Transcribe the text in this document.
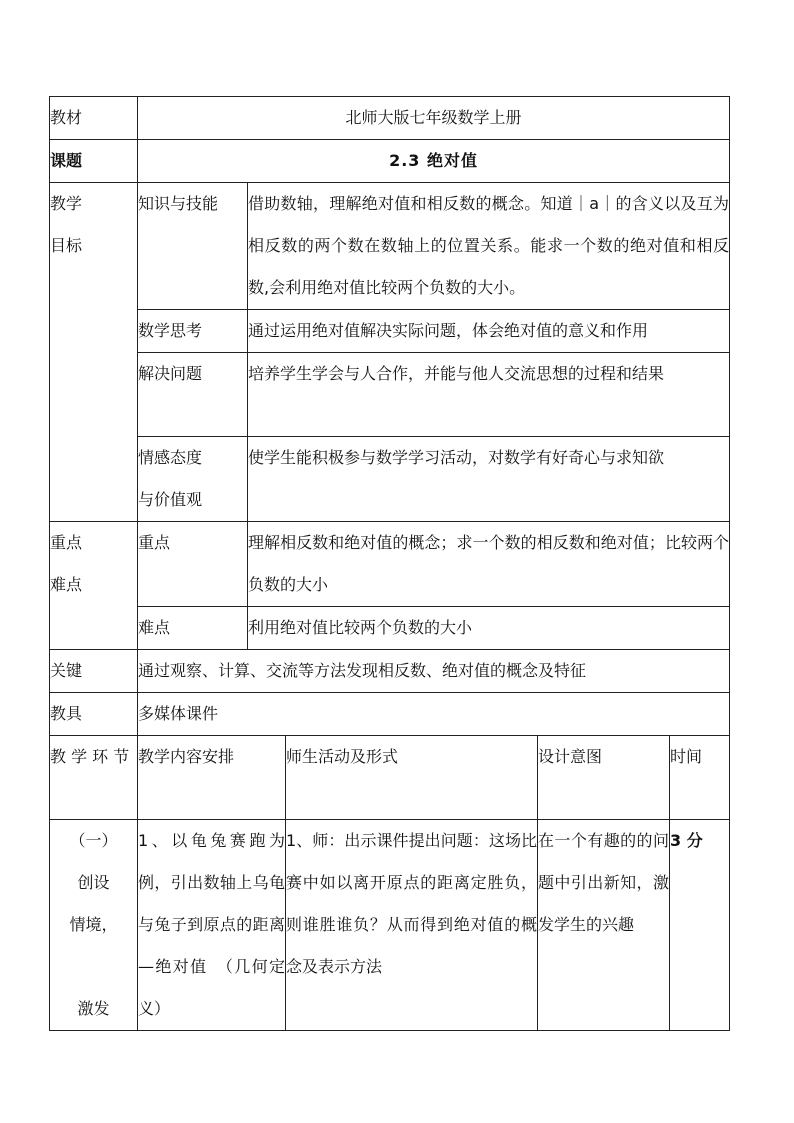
教材	北师大版七年级数学上册				
课题	2.3 绝对值				

教学
目标	知识与技能	借助数轴，理解绝对值和相反数的概念。知道｜a｜的含义以及互为相反数的两个数在数轴上的位置关系。能求一个数的绝对值和相反数,会利用绝对值比较两个负数的大小。			
	数学思考	通过运用绝对值解决实际问题，体会绝对值的意义和作用			
	解决问题	培养学生学会与人合作，并能与他人交流思想的过程和结果			

	情感态度
与价值观	使学生能积极参与数学学习活动，对数学有好奇心与求知欲			

重点
难点	重点	理解相反数和绝对值的概念；求一个数的相反数和绝对值；比较两个负数的大小			
	难点	利用绝对值比较两个负数的大小			
关键	通过观察、计算、交流等方法发现相反数、绝对值的概念及特征				
教具	多媒体课件				
教 学 环 节	教学内容安排		师生活动及形式	设计意图	时间

（一）
创设
情境，
激发	1、以龟兔赛跑为例，引出数轴上乌龟与兔子到原点的距离—绝对值　（几何定义）		1、师：出示课件提出问题：这场比赛中如以离开原点的距离定胜负，则谁胜谁负？从而得到绝对值的概念及表示方法	在一个有趣的的问题中引出新知，激发学生的兴趣	3 分
